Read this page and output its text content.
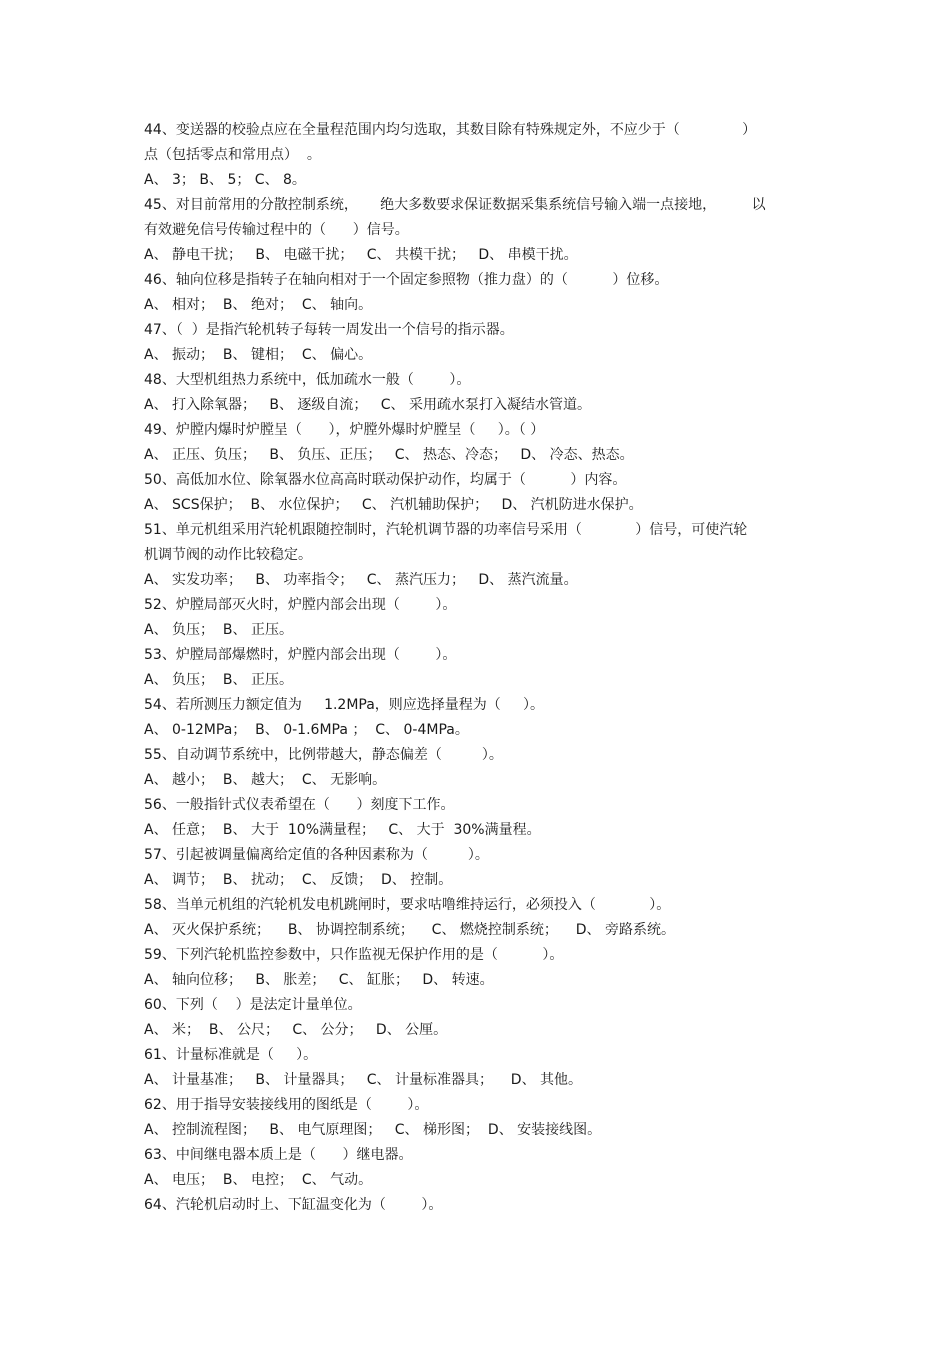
44、变送器的校验点应在全量程范围内均匀选取，其数目除有特殊规定外，不应少于（              ）
点（包括零点和常用点）  。
A、 3； B、 5； C、 8。
45、对目前常用的分散控制系统，     绝大多数要求保证数据采集系统信号输入端一点接地，        以
有效避免信号传输过程中的（      ）信号。
A、 静电干扰；   B、 电磁干扰；   C、 共模干扰；   D、 串模干扰。
46、轴向位移是指转子在轴向相对于一个固定参照物（推力盘）的（          ）位移。
A、 相对；  B、 绝对；  C、 轴向。
47、（  ）是指汽轮机转子每转一周发出一个信号的指示器。
A、 振动；  B、 键相；  C、 偏心。
48、大型机组热力系统中，低加疏水一般（        ）。
A、 打入除氧器；   B、 逐级自流；   C、 采用疏水泵打入凝结水管道。
49、炉膛内爆时炉膛呈（      ），炉膛外爆时炉膛呈（     ）。（ ）
A、 正压、负压；   B、 负压、正压；   C、 热态、冷态；   D、 冷态、热态。
50、高低加水位、除氧器水位高高时联动保护动作，均属于（          ）内容。
A、 SCS保护；  B、 水位保护；   C、 汽机辅助保护；   D、 汽机防进水保护。
51、单元机组采用汽轮机跟随控制时，汽轮机调节器的功率信号采用（            ）信号，可使汽轮
机调节阀的动作比较稳定。
A、 实发功率；   B、 功率指令；   C、 蒸汽压力；   D、 蒸汽流量。
52、炉膛局部灭火时，炉膛内部会出现（        ）。
A、 负压；  B、 正压。
53、炉膛局部爆燃时，炉膛内部会出现（        ）。
A、 负压；  B、 正压。
54、若所测压力额定值为     1.2MPa，则应选择量程为（     ）。
A、 0-12MPa；  B、 0-1.6MPa ；  C、 0-4MPa。
55、自动调节系统中，比例带越大，静态偏差（         ）。
A、 越小；  B、 越大；  C、 无影响。
56、一般指针式仪表希望在（      ）刻度下工作。
A、 任意；  B、 大于  10%满量程；   C、 大于  30%满量程。
57、引起被调量偏离给定值的各种因素称为（         ）。
A、 调节；  B、 扰动；  C、 反馈；  D、 控制。
58、当单元机组的汽轮机发电机跳闸时，要求咕噜维持运行，必须投入（            ）。
A、 灭火保护系统；    B、 协调控制系统；    C、 燃烧控制系统；    D、 旁路系统。
59、下列汽轮机监控参数中，只作监视无保护作用的是（          ）。
A、 轴向位移；   B、 胀差；   C、 缸胀；   D、 转速。
60、下列（    ）是法定计量单位。
A、 米；  B、 公尺；   C、 公分；   D、 公厘。
61、计量标准就是（     ）。
A、 计量基准；   B、 计量器具；   C、 计量标准器具；    D、 其他。
62、用于指导安装接线用的图纸是（        ）。
A、 控制流程图；   B、 电气原理图；   C、 梯形图；  D、 安装接线图。
63、中间继电器本质上是（      ）继电器。
A、 电压；  B、 电控；  C、 气动。
64、汽轮机启动时上、下缸温变化为（        ）。
